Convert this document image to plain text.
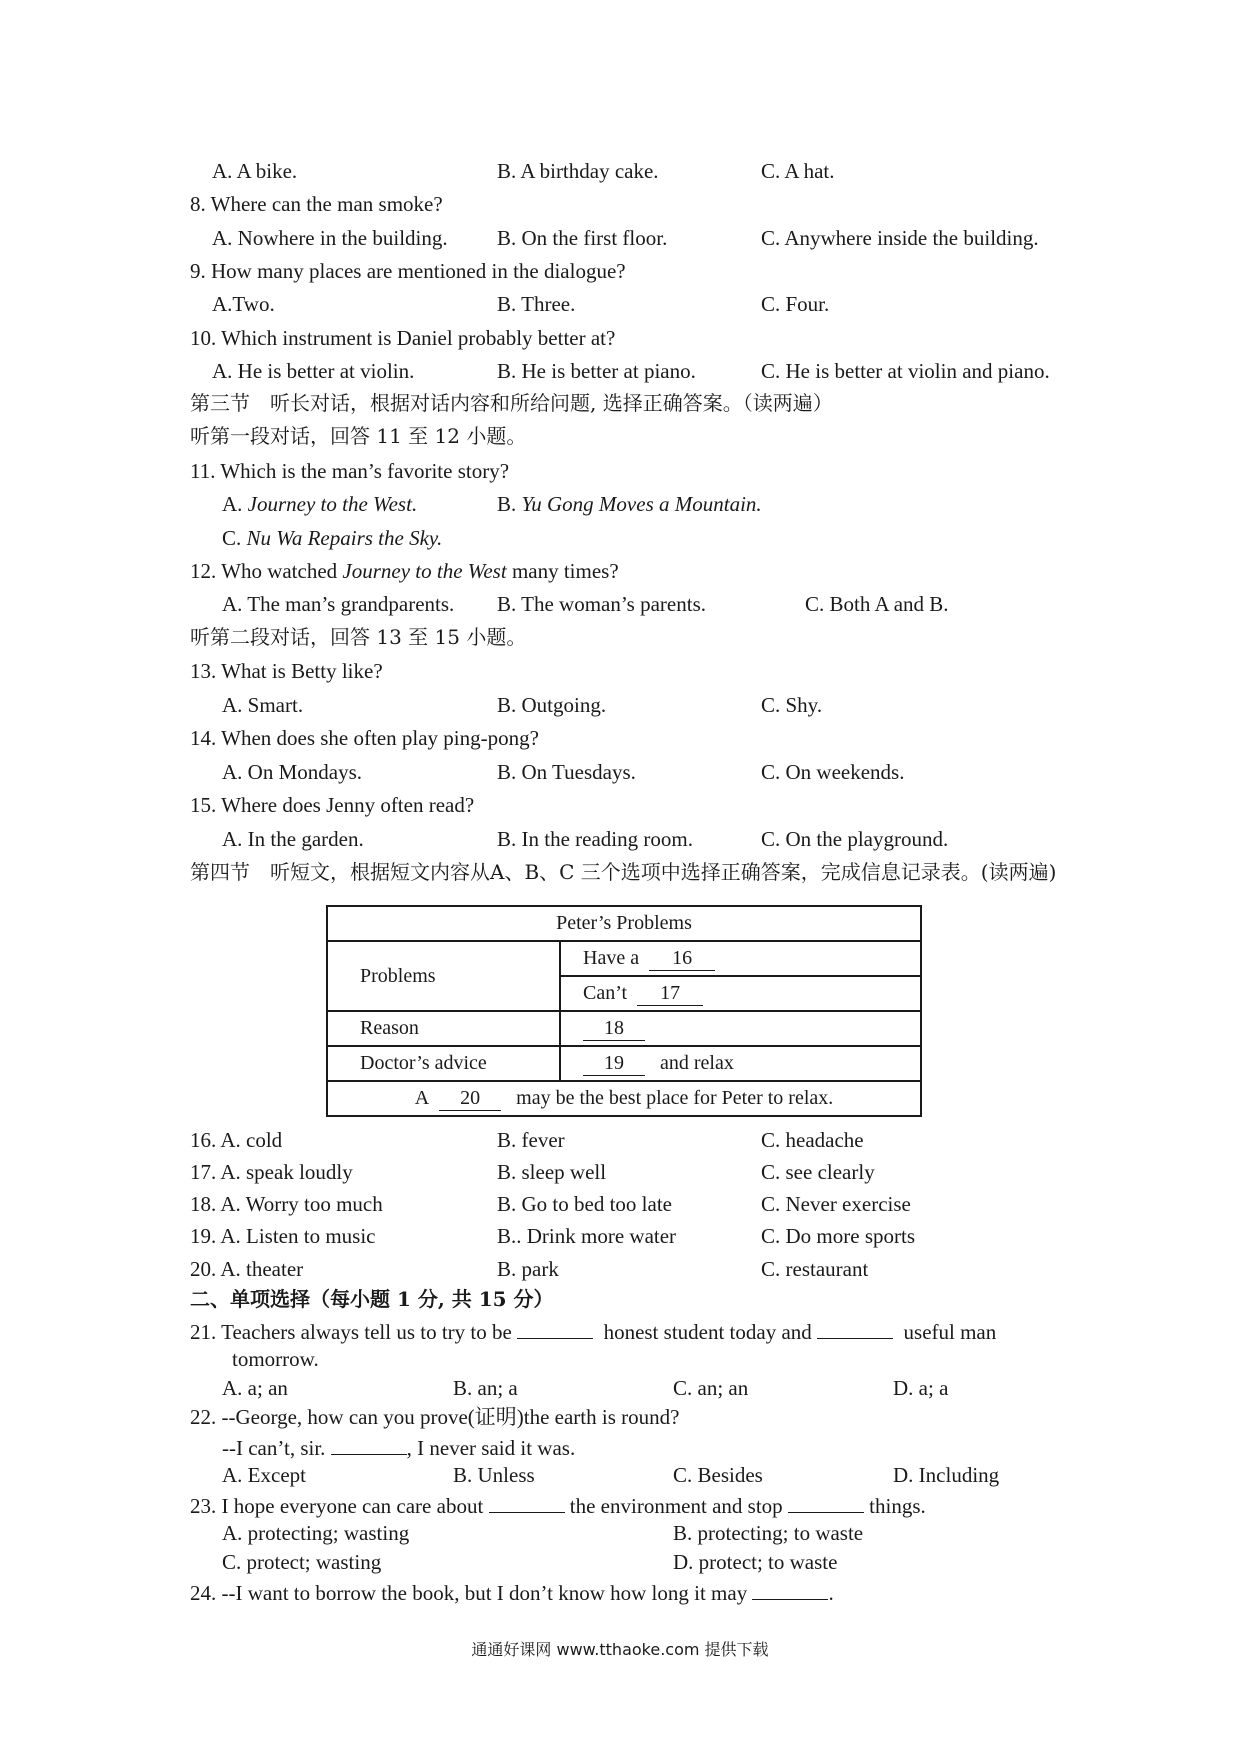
A. A bike.	B. A birthday cake.	C. A hat.
8. Where can the man smoke?
A. Nowhere in the building. B. On the first floor.	C. Anywhere inside the building.
9. How many places are mentioned in the dialogue?
A.Two.	B. Three.	C. Four.
10. Which instrument is Daniel probably better at?
A. He is better at violin.	B. He is better at piano.	C. He is better at violin and piano.
第三节　听长对话，根据对话内容和所给问题, 选择正确答案。（读两遍）
听第一段对话，回答 11 至 12 小题。
11. Which is the man’s favorite story?
A. Journey to the West.	B. Yu Gong Moves a Mountain.
C. Nu Wa Repairs the Sky.
12. Who watched Journey to the West many times?
A. The man’s grandparents. B. The woman’s parents.	C. Both A and B.
听第二段对话，回答 13 至 15 小题。
13. What is Betty like?
A. Smart.	B. Outgoing.	C. Shy.
14. When does she often play ping-pong?
A. On Mondays.	B. On Tuesdays.	C. On weekends.
15. Where does Jenny often read?
A. In the garden.	B. In the reading room.	C. On the playground.
第四节　听短文，根据短文内容从A、B、C 三个选项中选择正确答案，完成信息记录表。(读两遍)
Peter’s Problems	
Problems	Have a 16
	Can’t 17
Reason	18
Doctor’s advice	19 and relax
A 20 may be the best place for Peter to relax.	
16. A. cold	B. fever	C. headache
17. A. speak loudly	B. sleep well	C. see clearly
18. A. Worry too much	B. Go to bed too late	C. Never exercise
19. A. Listen to music	B.. Drink more water	C. Do more sports
20. A. theater	B. park	C. restaurant
二、单项选择（每小题 1 分, 共 15 分）
21. Teachers always tell us to try to be	honest student today and	useful man
tomorrow.
A. a; an	B. an; a	C. an; an	D. a; a
22. --George, how can you prove(证明)the earth is round?
--I can’t, sir.	, I never said it was.
A. Except	B. Unless	C. Besides	D. Including
23. I hope everyone can care about	the environment and stop	things.
A. protecting; wasting	B. protecting; to waste
C. protect; wasting	D. protect; to waste
24. --I want to borrow the book, but I don’t know how long it may	.
通通好课网 www.tthaoke.com 提供下载
